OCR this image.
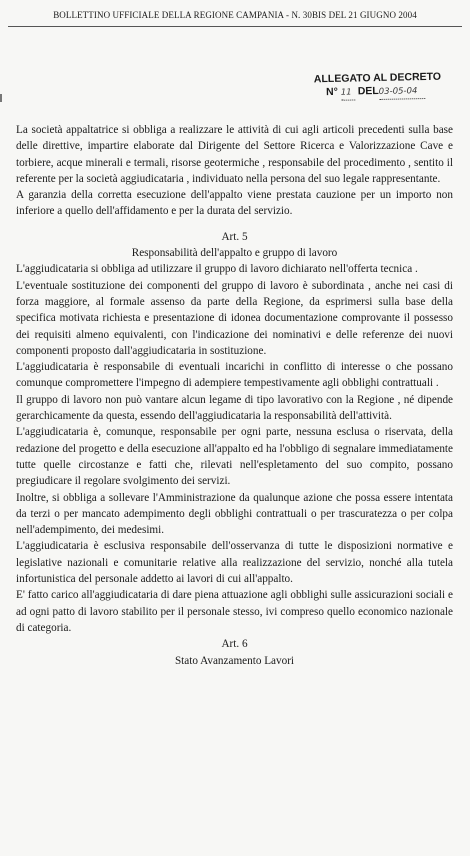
BOLLETTINO UFFICIALE DELLA REGIONE CAMPANIA - N. 30BIS DEL 21 GIUGNO 2004
ALLEGATO AL DECRETO
N° 11 DEL03-05-04

La società appaltatrice si obbliga a realizzare le attività di cui agli articoli precedenti sulla base delle direttive, impartire elaborate dal Dirigente del Settore Ricerca e Valorizzazione Cave e torbiere, acque minerali e termali, risorse geotermiche , responsabile del procedimento , sentito il referente per la società aggiudicataria , individuato nella persona del suo legale rappresentante.

A garanzia della corretta esecuzione dell'appalto viene prestata cauzione per un importo non inferiore a quello dell'affidamento e per la durata del servizio.

Art. 5

Responsabilità dell'appalto e gruppo di lavoro

L'aggiudicataria si obbliga ad utilizzare il gruppo di lavoro dichiarato nell'offerta tecnica .

L'eventuale sostituzione dei componenti del gruppo di lavoro è subordinata , anche nei casi di forza maggiore, al formale assenso da parte della Regione, da esprimersi sulla base della specifica motivata richiesta e presentazione di idonea documentazione comprovante il possesso dei requisiti almeno equivalenti, con l'indicazione dei nominativi e delle referenze dei nuovi componenti proposto dall'aggiudicataria in sostituzione.

L'aggiudicataria è responsabile di eventuali incarichi in conflitto di interesse o che possano comunque compromettere l'impegno di adempiere tempestivamente agli obblighi contrattuali .

Il gruppo di lavoro non può vantare alcun legame di tipo lavorativo con la Regione , né dipende gerarchicamente da questa, essendo dell'aggiudicataria la responsabilità dell'attività.

L'aggiudicataria è, comunque, responsabile per ogni parte, nessuna esclusa o riservata, della redazione del progetto e della esecuzione all'appalto ed ha l'obbligo di segnalare immediatamente tutte quelle circostanze e fatti che, rilevati nell'espletamento del suo compito, possano pregiudicare il regolare svolgimento dei servizi.

Inoltre, si obbliga a sollevare l'Amministrazione da qualunque azione che possa essere intentata da terzi o per mancato adempimento degli obblighi contrattuali o per trascuratezza o per colpa nell'adempimento, dei medesimi.

L'aggiudicataria è esclusiva responsabile dell'osservanza di tutte le disposizioni normative e legislative nazionali e comunitarie relative alla realizzazione del servizio, nonché alla tutela infortunistica del personale addetto ai lavori di cui all'appalto.

E' fatto carico all'aggiudicataria di dare piena attuazione agli obblighi sulle assicurazioni sociali e ad ogni patto di lavoro stabilito per il personale stesso, ivi compreso quello economico nazionale di categoria.

Art. 6

Stato Avanzamento Lavori
